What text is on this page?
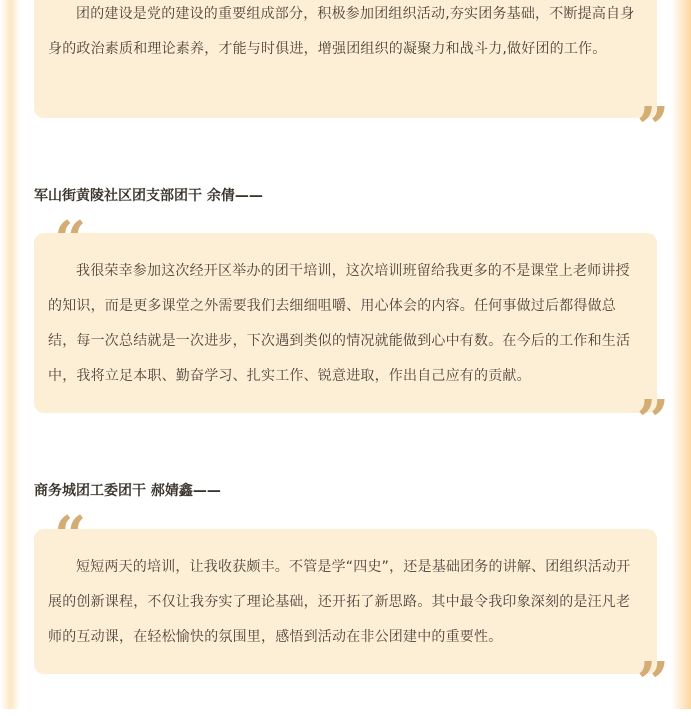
团的建设是党的建设的重要组成部分，积极参加团组织活动,夯实团务基础，不断提高自身身的政治素质和理论素养，才能与时俱进，增强团组织的凝聚力和战斗力,做好团的工作。

”

军山街黄陵社区团支部团干 余倩——

我很荣幸参加这次经开区举办的团干培训，这次培训班留给我更多的不是课堂上老师讲授的知识，而是更多课堂之外需要我们去细细咀嚼、用心体会的内容。任何事做过后都得做总结，每一次总结就是一次进步，下次遇到类似的情况就能做到心中有数。在今后的工作和生活中，我将立足本职、勤奋学习、扎实工作、锐意进取，作出自己应有的贡献。

”

商务城团工委团干 郝婧鑫——

短短两天的培训，让我收获颇丰。不管是学“四史”，还是基础团务的讲解、团组织活动开展的创新课程，不仅让我夯实了理论基础，还开拓了新思路。其中最令我印象深刻的是汪凡老师的互动课，在轻松愉快的氛围里，感悟到活动在非公团建中的重要性。

”
